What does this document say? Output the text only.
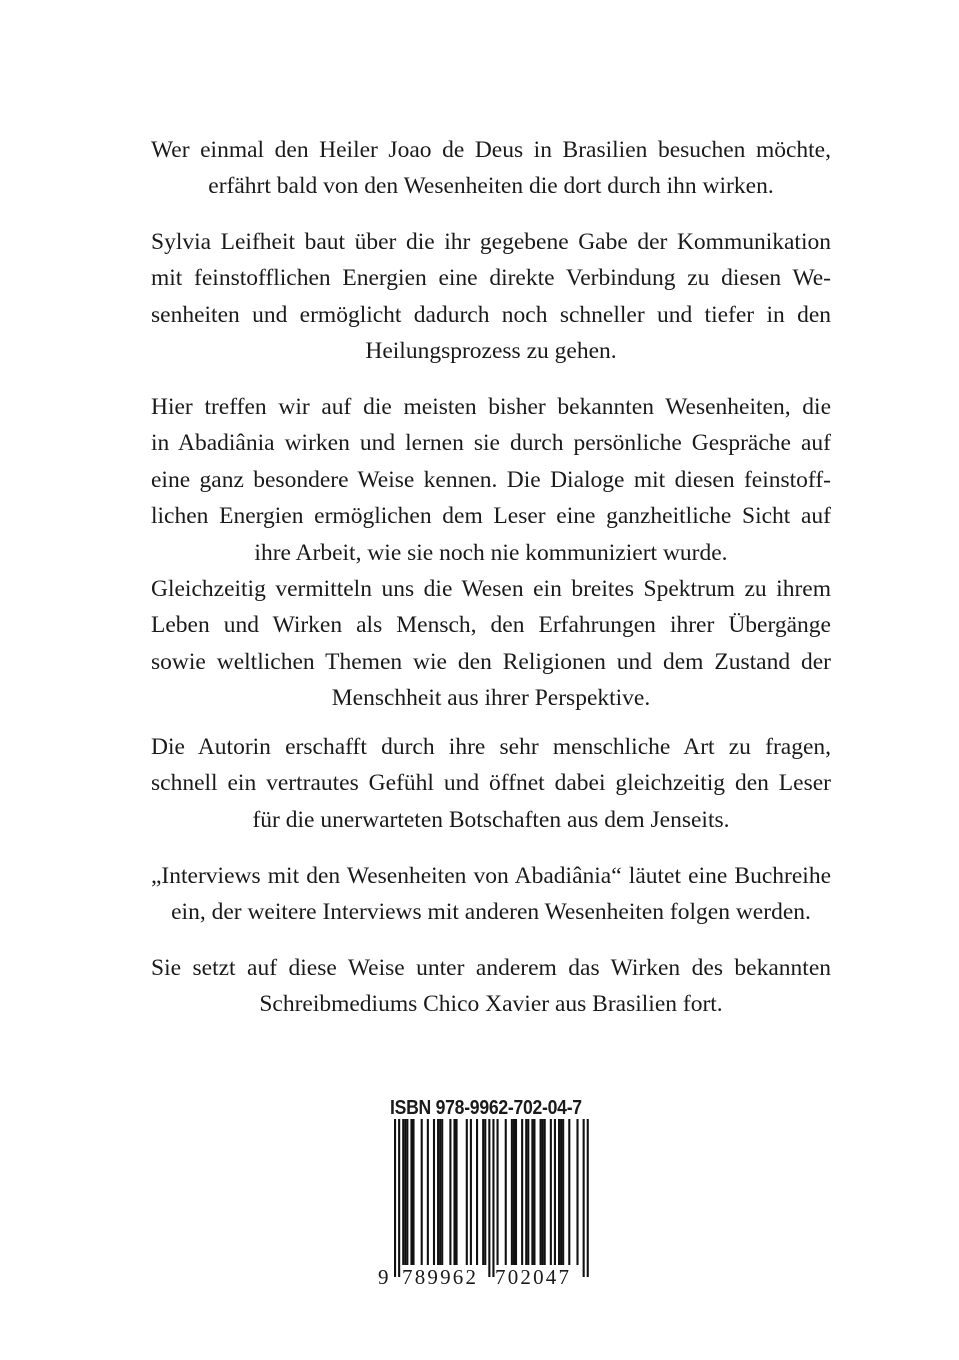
Wer einmal den Heiler Joao de Deus in Brasilien besuchen möchte,
erfährt bald von den Wesenheiten die dort durch ihn wirken.
Sylvia Leifheit baut über die ihr gegebene Gabe der Kommunikation
mit feinstofflichen Energien eine direkte Verbindung zu diesen We-
senheiten und ermöglicht dadurch noch schneller und tiefer in den
Heilungsprozess zu gehen.
Hier treffen wir auf die meisten bisher bekannten Wesenheiten, die
in Abadiânia wirken und lernen sie durch persönliche Gespräche auf
eine ganz besondere Weise kennen. Die Dialoge mit diesen feinstoff-
lichen Energien ermöglichen dem Leser eine ganzheitliche Sicht auf
ihre Arbeit, wie sie noch nie kommuniziert wurde.
Gleichzeitig vermitteln uns die Wesen ein breites Spektrum zu ihrem
Leben und Wirken als Mensch, den Erfahrungen ihrer Übergänge
sowie weltlichen Themen wie den Religionen und dem Zustand der
Menschheit aus ihrer Perspektive.
Die Autorin erschafft durch ihre sehr menschliche Art zu fragen,
schnell ein vertrautes Gefühl und öffnet dabei gleichzeitig den Leser
für die unerwarteten Botschaften aus dem Jenseits.
„Interviews mit den Wesenheiten von Abadiânia“ läutet eine Buchreihe
ein, der weitere Interviews mit anderen Wesenheiten folgen werden.
Sie setzt auf diese Weise unter anderem das Wirken des bekannten
Schreibmediums Chico Xavier aus Brasilien fort.
ISBN 978-9962-702-04-7
9 789962 702047
